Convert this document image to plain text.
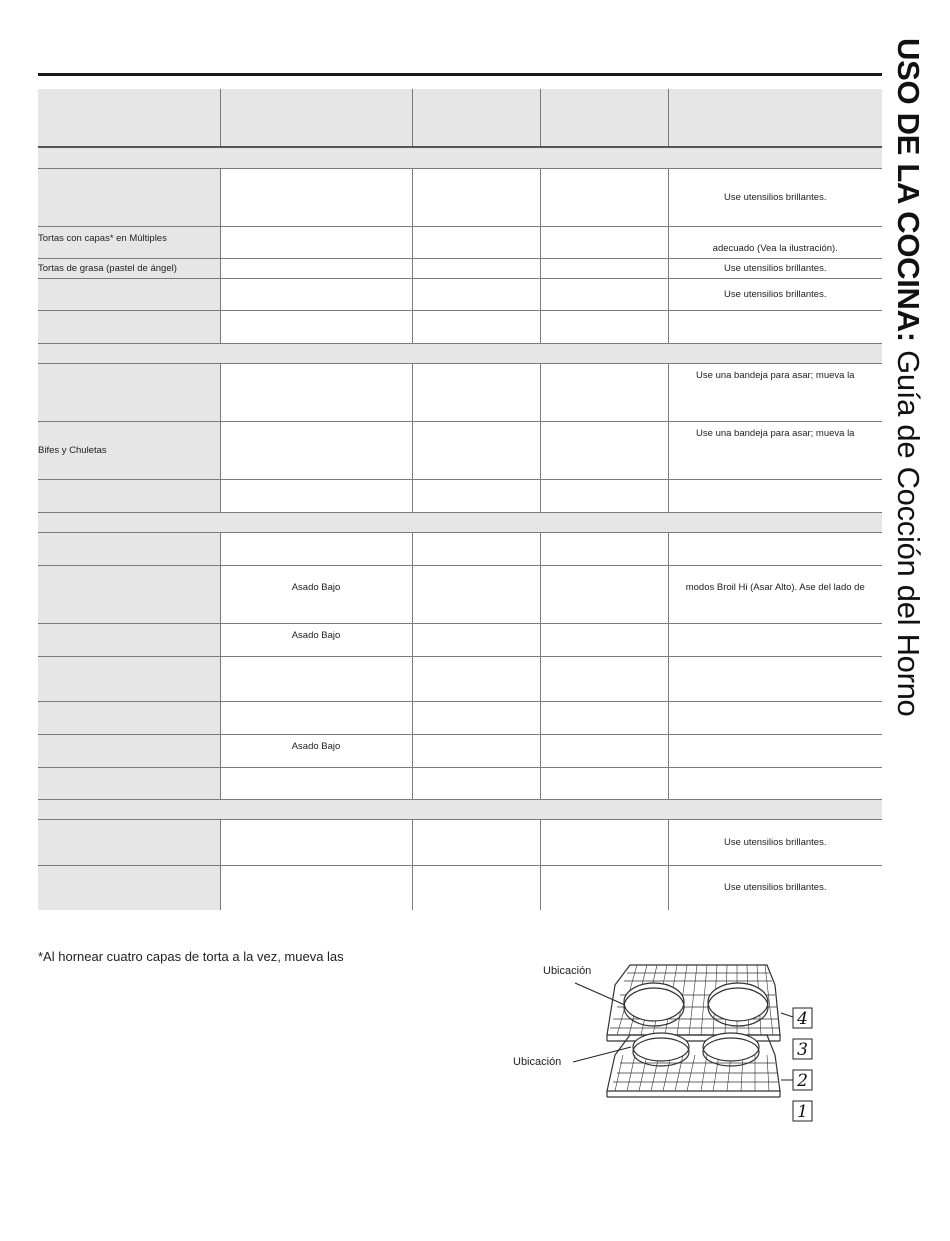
				Use utensilios brillantes.
Tortas con capas* en Múltiples				adecuado (Vea la ilustración).
Tortas de grasa (pastel de ángel)				Use utensilios brillantes.
				Use utensilios brillantes.

				Use una bandeja para asar; mueva la
Bifes y Chuletas				Use una bandeja para asar; mueva la

	Asado Bajo			modos Broil Hi (Asar Alto). Ase del lado de
	Asado Bajo			

	Asado Bajo			

				Use utensilios brillantes.
				Use utensilios brillantes.
USO DE LA COCINA: Guía de Cocción del Horno
*Al hornear cuatro capas de torta a la vez, mueva las
Ubicación
Ubicación
4
3
2
1
